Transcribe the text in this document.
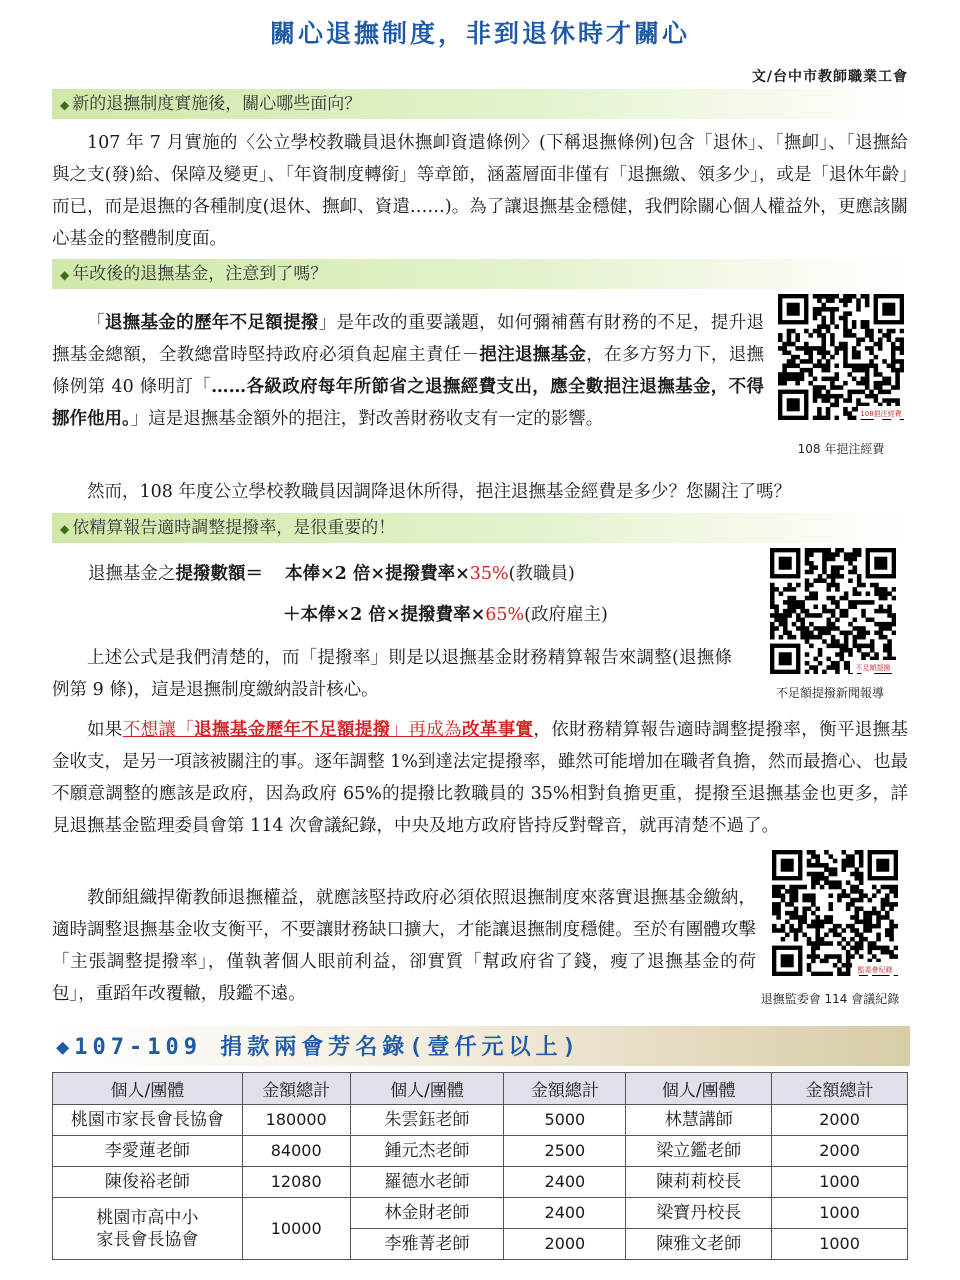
關心退撫制度，非到退休時才關心
文/台中市教師職業工會
◆ 新的退撫制度實施後，關心哪些面向？
107 年 7 月實施的〈公立學校教職員退休撫卹資遣條例〉(下稱退撫條例)包含「退休」、「撫卹」、「退撫給與之支(發)給、保障及變更」、「年資制度轉銜」等章節，涵蓋層面非僅有「退撫繳、領多少」，或是「退休年齡」而已，而是退撫的各種制度(退休、撫卹、資遣……)。為了讓退撫基金穩健，我們除關心個人權益外，更應該關心基金的整體制度面。
◆ 年改後的退撫基金，注意到了嗎？
「退撫基金的歷年不足額提撥」是年改的重要議題，如何彌補舊有財務的不足，提升退撫基金總額，全教總當時堅持政府必須負起雇主責任－挹注退撫基金，在多方努力下，退撫條例第 40 條明訂「……各級政府每年所節省之退撫經費支出，應全數挹注退撫基金，不得挪作他用。」這是退撫基金額外的挹注，對改善財務收支有一定的影響。	108挹注經費
108 年挹注經費
然而，108 年度公立學校教職員因調降退休所得，挹注退撫基金經費是多少？您關注了嗎？
◆ 依精算報告適時調整提撥率，是很重要的！
退撫基金之提撥數額＝ 本俸×2 倍×提撥費率×35%(教職員)
＋本俸×2 倍×提撥費率×65%(政府雇主)
不足額提撥
不足額提撥新聞報導
上述公式是我們清楚的，而「提撥率」則是以退撫基金財務精算報告來調整(退撫條例第 9 條)，這是退撫制度繳納設計核心。
如果不想讓「退撫基金歷年不足額提撥」再成為改革事實，依財務精算報告適時調整提撥率，衡平退撫基金收支，是另一項該被關注的事。逐年調整 1%到達法定提撥率，雖然可能增加在職者負擔，然而最擔心、也最不願意調整的應該是政府，因為政府 65%的提撥比教職員的 35%相對負擔更重，提撥至退撫基金也更多，詳見退撫基金監理委員會第 114 次會議紀錄，中央及地方政府皆持反對聲音，就再清楚不過了。
監委會紀錄
退撫監委會 114 會議紀錄
教師組織捍衛教師退撫權益，就應該堅持政府必須依照退撫制度來落實退撫基金繳納，適時調整退撫基金收支衡平，不要讓財務缺口擴大，才能讓退撫制度穩健。至於有團體攻擊「主張調整提撥率」，僅執著個人眼前利益，卻實質「幫政府省了錢，瘦了退撫基金的荷包」，重蹈年改覆轍，殷鑑不遠。
◆107-109 捐款兩會芳名錄(壹仟元以上)
個人/團體	金額總計	個人/團體	金額總計	個人/團體	金額總計
桃園市家長會長協會	180000	朱雲鈺老師	5000	林慧講師	2000
李愛蓮老師	84000	鍾元杰老師	2500	梁立鑑老師	2000
陳俊裕老師	12080	羅德水老師	2400	陳莉莉校長	1000

桃園市高中小
家長會長協會	10000	林金財老師	2400	梁寶丹校長	1000
		李雅菁老師	2000	陳雅文老師	1000
